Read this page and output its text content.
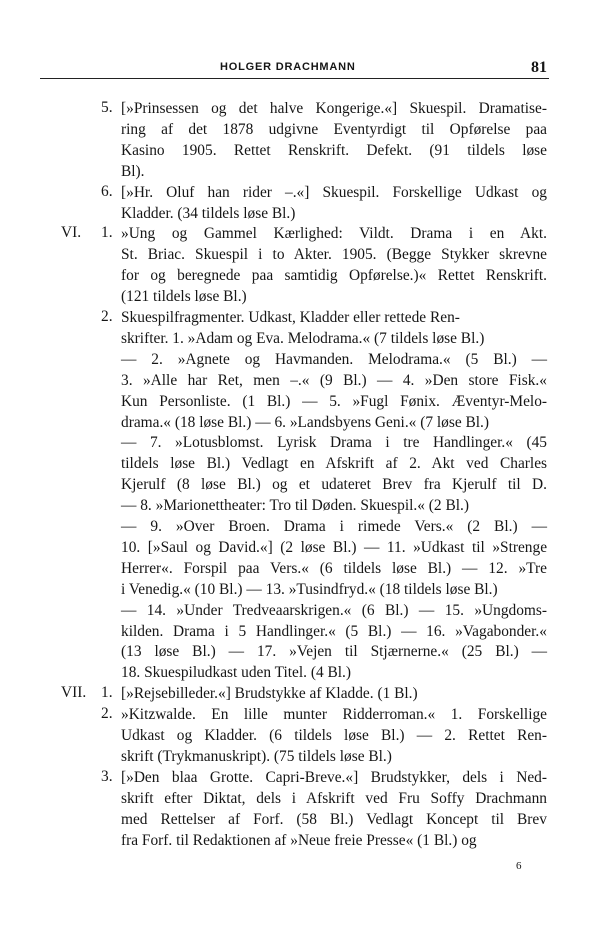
HOLGER DRACHMANN	81
5. [»Prinsessen og det halve Kongerige.«] Skuespil. Dramatise-
ring af det 1878 udgivne Eventyrdigt til Opførelse paa
Kasino 1905. Rettet Renskrift. Defekt. (91 tildels løse
Bl).
6. [»Hr. Oluf han rider –.«] Skuespil. Forskellige Udkast og
Kladder. (34 tildels løse Bl.)
VI. 1. »Ung og Gammel Kærlighed: Vildt. Drama i en Akt.
St. Briac. Skuespil i to Akter. 1905. (Begge Stykker skrevne
for og beregnede paa samtidig Opførelse.)« Rettet Renskrift.
(121 tildels løse Bl.)
2. Skuespilfragmenter. Udkast, Kladder eller rettede Ren-
skrifter. 1. »Adam og Eva. Melodrama.« (7 tildels løse Bl.)
— 2. »Agnete og Havmanden. Melodrama.« (5 Bl.) —
3. »Alle har Ret, men –.« (9 Bl.) — 4. »Den store Fisk.«
Kun Personliste. (1 Bl.) — 5. »Fugl Fønix. Æventyr-Melo-
drama.« (18 løse Bl.) — 6. »Landsbyens Geni.« (7 løse Bl.)
— 7. »Lotusblomst. Lyrisk Drama i tre Handlinger.« (45
tildels løse Bl.) Vedlagt en Afskrift af 2. Akt ved Charles
Kjerulf (8 løse Bl.) og et udateret Brev fra Kjerulf til D.
— 8. »Marionettheater: Tro til Døden. Skuespil.« (2 Bl.)
— 9. »Over Broen. Drama i rimede Vers.« (2 Bl.) —
10. [»Saul og David.«] (2 løse Bl.) — 11. »Udkast til »Strenge
Herrer«. Forspil paa Vers.« (6 tildels løse Bl.) — 12. »Tre
i Venedig.« (10 Bl.) — 13. »Tusindfryd.« (18 tildels løse Bl.)
— 14. »Under Tredveaarskrigen.« (6 Bl.) — 15. »Ungdoms-
kilden. Drama i 5 Handlinger.« (5 Bl.) — 16. »Vagabonder.«
(13 løse Bl.) — 17. »Vejen til Stjærnerne.« (25 Bl.) —
18. Skuespiludkast uden Titel. (4 Bl.)
VII. 1. [»Rejsebilleder.«] Brudstykke af Kladde. (1 Bl.)
2. »Kitzwalde. En lille munter Ridderroman.« 1. Forskellige
Udkast og Kladder. (6 tildels løse Bl.) — 2. Rettet Ren-
skrift (Trykmanuskript). (75 tildels løse Bl.)
3. [»Den blaa Grotte. Capri-Breve.«] Brudstykker, dels i Ned-
skrift efter Diktat, dels i Afskrift ved Fru Soffy Drachmann
med Rettelser af Forf. (58 Bl.) Vedlagt Koncept til Brev
fra Forf. til Redaktionen af »Neue freie Presse« (1 Bl.) og
6
